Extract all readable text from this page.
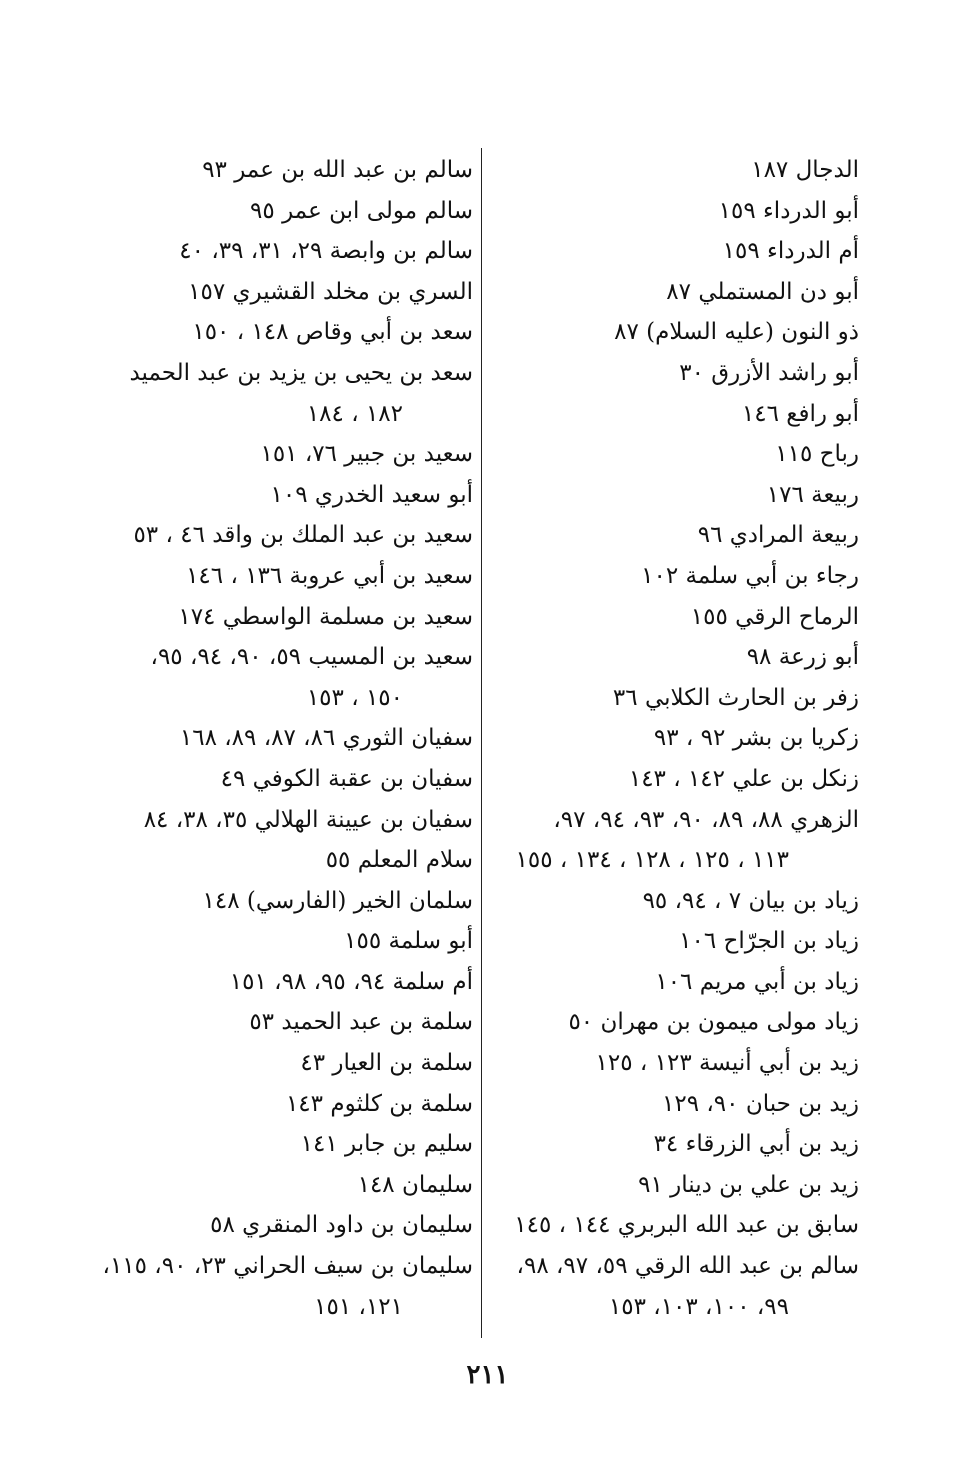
الدجال ١٨٧
أبو الدرداء ١٥٩
أم الدرداء ١٥٩
أبو دن المستملي ٨٧
ذو النون (عليه السلام) ٨٧
أبو راشد الأزرق ٣٠
أبو رافع ١٤٦
رباح ١١٥
ربيعة ١٧٦
ربيعة المرادي ٩٦
رجاء بن أبي سلمة ١٠٢
الرماح الرقي ١٥٥
أبو زرعة ٩٨
زفر بن الحارث الكلابي ٣٦
زكريا بن بشر ٩٢ ، ٩٣
زنكل بن علي ١٤٢ ، ١٤٣
الزهري ٨٨، ٨٩، ٩٠، ٩٣، ٩٤، ٩٧،
١١٣ ، ١٢٥ ، ١٢٨ ، ١٣٤ ، ١٥٥
زياد بن بيان ٧ ، ٩٤، ٩٥
زياد بن الجرّاح ١٠٦
زياد بن أبي مريم ١٠٦
زياد مولى ميمون بن مهران ٥٠
زيد بن أبي أنيسة ١٢٣ ، ١٢٥
زيد بن حبان ٩٠، ١٢٩
زيد بن أبي الزرقاء ٣٤
زيد بن علي بن دينار ٩١
سابق بن عبد الله البربري ١٤٤ ، ١٤٥
سالم بن عبد الله الرقي ٥٩، ٩٧، ٩٨،
٩٩، ١٠٠، ١٠٣، ١٥٣
سالم بن عبد الله بن عمر ٩٣
سالم مولى ابن عمر ٩٥
سالم بن وابصة ٢٩، ٣١، ٣٩، ٤٠
السري بن مخلد القشيري ١٥٧
سعد بن أبي وقاص ١٤٨ ، ١٥٠
سعد بن يحيى بن يزيد بن عبد الحميد
١٨٢ ، ١٨٤
سعيد بن جبير ٧٦، ١٥١
أبو سعيد الخدري ١٠٩
سعيد بن عبد الملك بن واقد ٤٦ ، ٥٣
سعيد بن أبي عروبة ١٣٦ ، ١٤٦
سعيد بن مسلمة الواسطي ١٧٤
سعيد بن المسيب ٥٩، ٩٠، ٩٤، ٩٥،
١٥٠ ، ١٥٣
سفيان الثوري ٨٦، ٨٧، ٨٩، ١٦٨
سفيان بن عقبة الكوفي ٤٩
سفيان بن عيينة الهلالي ٣٥، ٣٨، ٨٤
سلام المعلم ٥٥
سلمان الخير (الفارسي) ١٤٨
أبو سلمة ١٥٥
أم سلمة ٩٤، ٩٥، ٩٨، ١٥١
سلمة بن عبد الحميد ٥٣
سلمة بن العيار ٤٣
سلمة بن كلثوم ١٤٣
سليم بن جابر ١٤١
سليمان ١٤٨
سليمان بن داود المنقري ٥٨
سليمان بن سيف الحراني ٢٣، ٩٠، ١١٥،
١٢١، ١٥١
٢١١
